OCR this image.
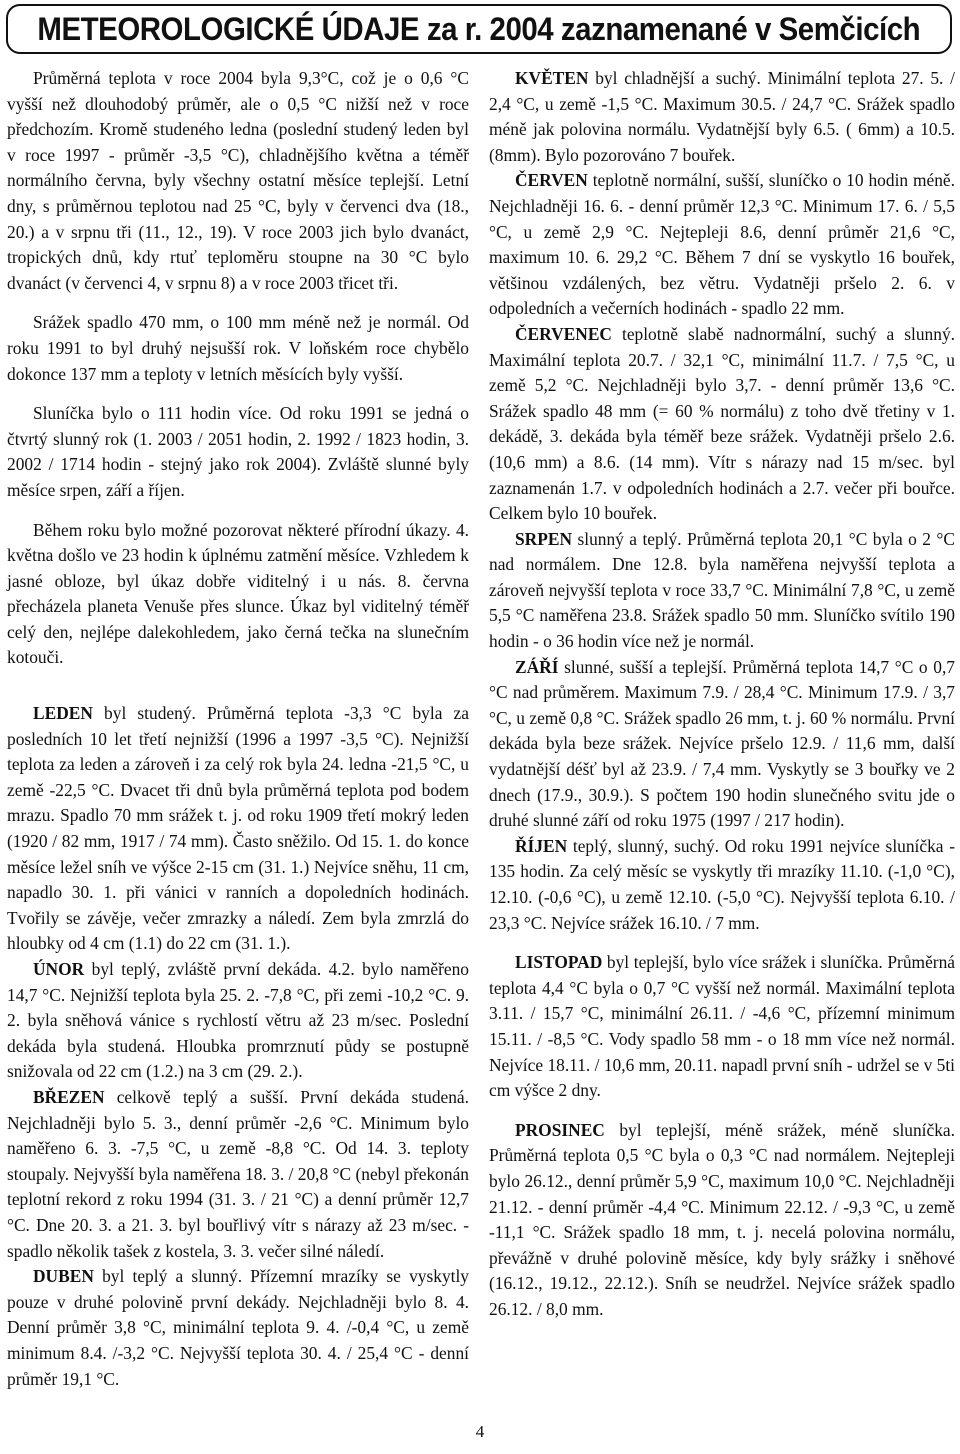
METEOROLOGICKÉ ÚDAJE za r. 2004 zaznamenané v Semčicích

Průměrná teplota v roce 2004 byla 9,3°C, což je o 0,6 °C vyšší než dlouhodobý průměr, ale o 0,5 °C nižší než v roce předchozím. Kromě studeného ledna (poslední studený leden byl v roce 1997 - průměr -3,5 °C), chladnějšího května a téměř normálního června, byly všechny ostatní měsíce teplejší. Letní dny, s průměrnou teplotou nad 25 °C, byly v červenci dva (18., 20.) a v srpnu tři (11., 12., 19). V roce 2003 jich bylo dvanáct, tropických dnů, kdy rtuť teploměru stoupne na 30 °C bylo dvanáct (v červenci 4, v srpnu 8) a v roce 2003 třicet tři.

Srážek spadlo 470 mm, o 100 mm méně než je normál. Od roku 1991 to byl druhý nejsušší rok. V loňském roce chybělo dokonce 137 mm a teploty v letních měsících byly vyšší.

Sluníčka bylo o 111 hodin více. Od roku 1991 se jedná o čtvrtý slunný rok (1. 2003 / 2051 hodin, 2. 1992 / 1823 hodin, 3. 2002 / 1714 hodin - stejný jako rok 2004). Zvláště slunné byly měsíce srpen, září a říjen.

Během roku bylo možné pozorovat některé přírodní úkazy. 4. května došlo ve 23 hodin k úplnému zatmění měsíce. Vzhledem k jasné obloze, byl úkaz dobře viditelný i u nás. 8. června přecházela planeta Venuše přes slunce. Úkaz byl viditelný téměř celý den, nejlépe dalekohledem, jako černá tečka na slunečním kotouči.

LEDEN byl studený. Průměrná teplota -3,3 °C byla za posledních 10 let třetí nejnižší (1996 a 1997 -3,5 °C). Nejnižší teplota za leden a zároveň i za celý rok byla 24. ledna -21,5 °C, u země -22,5 °C. Dvacet tři dnů byla průměrná teplota pod bodem mrazu. Spadlo 70 mm srážek t. j. od roku 1909 třetí mokrý leden (1920 / 82 mm, 1917 / 74 mm). Často sněžilo. Od 15. 1. do konce měsíce ležel sníh ve výšce 2-15 cm (31. 1.) Nejvíce sněhu, 11 cm, napadlo 30. 1. při vánici v ranních a dopoledních hodinách. Tvořily se závěje, večer zmrazky a náledí. Zem byla zmrzlá do hloubky od 4 cm (1.1) do 22 cm (31. 1.).

ÚNOR byl teplý, zvláště první dekáda. 4.2. bylo naměřeno 14,7 °C. Nejnižší teplota byla 25. 2. -7,8 °C, při zemi -10,2 °C. 9. 2. byla sněhová vánice s rychlostí větru až 23 m/sec. Poslední dekáda byla studená. Hloubka promrznutí půdy se postupně snižovala od 22 cm (1.2.) na 3 cm (29. 2.).

BŘEZEN celkově teplý a sušší. První dekáda studená. Nejchladněji bylo 5. 3., denní průměr -2,6 °C. Minimum bylo naměřeno 6. 3. -7,5 °C, u země -8,8 °C. Od 14. 3. teploty stoupaly. Nejvyšší byla naměřena 18. 3. / 20,8 °C (nebyl překonán teplotní rekord z roku 1994 (31. 3. / 21 °C) a denní průměr 12,7 °C. Dne 20. 3. a 21. 3. byl bouřlivý vítr s nárazy až 23 m/sec. - spadlo několik tašek z kostela, 3. 3. večer silné náledí.

DUBEN byl teplý a slunný. Přízemní mrazíky se vyskytly pouze v druhé polovině první dekády. Nejchladněji bylo 8. 4. Denní průměr 3,8 °C, minimální teplota 9. 4. /-0,4 °C, u země minimum 8.4. /-3,2 °C. Nejvyšší teplota 30. 4. / 25,4 °C - denní průměr 19,1 °C.

KVĚTEN byl chladnější a suchý. Minimální teplota 27. 5. / 2,4 °C, u země -1,5 °C. Maximum 30.5. / 24,7 °C. Srážek spadlo méně jak polovina normálu. Vydatnější byly 6.5. ( 6mm) a 10.5. (8mm). Bylo pozorováno 7 bouřek.

ČERVEN teplotně normální, sušší, sluníčko o 10 hodin méně. Nejchladněji 16. 6. - denní průměr 12,3 °C. Minimum 17. 6. / 5,5 °C, u země 2,9 °C. Nejtepleji 8.6, denní průměr 21,6 °C, maximum 10. 6. 29,2 °C. Během 7 dní se vyskytlo 16 bouřek, většinou vzdálených, bez větru. Vydatněji pršelo 2. 6. v odpoledních a večerních hodinách - spadlo 22 mm.

ČERVENEC teplotně slabě nadnormální, suchý a slunný. Maximální teplota 20.7. / 32,1 °C, minimální 11.7. / 7,5 °C, u země 5,2 °C. Nejchladněji bylo 3,7. - denní průměr 13,6 °C. Srážek spadlo 48 mm (= 60 % normálu) z toho dvě třetiny v 1. dekádě, 3. dekáda byla téměř beze srážek. Vydatněji pršelo 2.6. (10,6 mm) a 8.6. (14 mm). Vítr s nárazy nad 15 m/sec. byl zaznamenán 1.7. v odpoledních hodinách a 2.7. večer při bouřce. Celkem bylo 10 bouřek.

SRPEN slunný a teplý. Průměrná teplota 20,1 °C byla o 2 °C nad normálem. Dne 12.8. byla naměřena nejvyšší teplota a zároveň nejvyšší teplota v roce 33,7 °C. Minimální 7,8 °C, u země 5,5 °C naměřena 23.8. Srážek spadlo 50 mm. Sluníčko svítilo 190 hodin - o 36 hodin více než je normál.

ZÁŘÍ slunné, sušší a teplejší. Průměrná teplota 14,7 °C o 0,7 °C nad průměrem. Maximum 7.9. / 28,4 °C. Minimum 17.9. / 3,7 °C, u země 0,8 °C. Srážek spadlo 26 mm, t. j. 60 % normálu. První dekáda byla beze srážek. Nejvíce pršelo 12.9. / 11,6 mm, další vydatnější déšť byl až 23.9. / 7,4 mm. Vyskytly se 3 bouřky ve 2 dnech (17.9., 30.9.). S počtem 190 hodin slunečného svitu jde o druhé slunné září od roku 1975 (1997 / 217 hodin).

ŘÍJEN teplý, slunný, suchý. Od roku 1991 nejvíce sluníčka - 135 hodin. Za celý měsíc se vyskytly tři mrazíky 11.10. (-1,0 °C), 12.10. (-0,6 °C), u země 12.10. (-5,0 °C). Nejvyšší teplota 6.10. / 23,3 °C. Nejvíce srážek 16.10. / 7 mm.

LISTOPAD byl teplejší, bylo více srážek i sluníčka. Průměrná teplota 4,4 °C byla o 0,7 °C vyšší než normál. Maximální teplota 3.11. / 15,7 °C, minimální 26.11. / -4,6 °C, přízemní minimum 15.11. / -8,5 °C. Vody spadlo 58 mm - o 18 mm více než normál. Nejvíce 18.11. / 10,6 mm, 20.11. napadl první sníh - udržel se v 5ti cm výšce 2 dny.

PROSINEC byl teplejší, méně srážek, méně sluníčka. Průměrná teplota 0,5 °C byla o 0,3 °C nad normálem. Nejtepleji bylo 26.12., denní průměr 5,9 °C, maximum 10,0 °C. Nejchladněji 21.12. - denní průměr -4,4 °C. Minimum 22.12. / -9,3 °C, u země -11,1 °C. Srážek spadlo 18 mm, t. j. necelá polovina normálu, převážně v druhé polovině měsíce, kdy byly srážky i sněhové (16.12., 19.12., 22.12.). Sníh se neudržel. Nejvíce srážek spadlo 26.12. / 8,0 mm.

4
